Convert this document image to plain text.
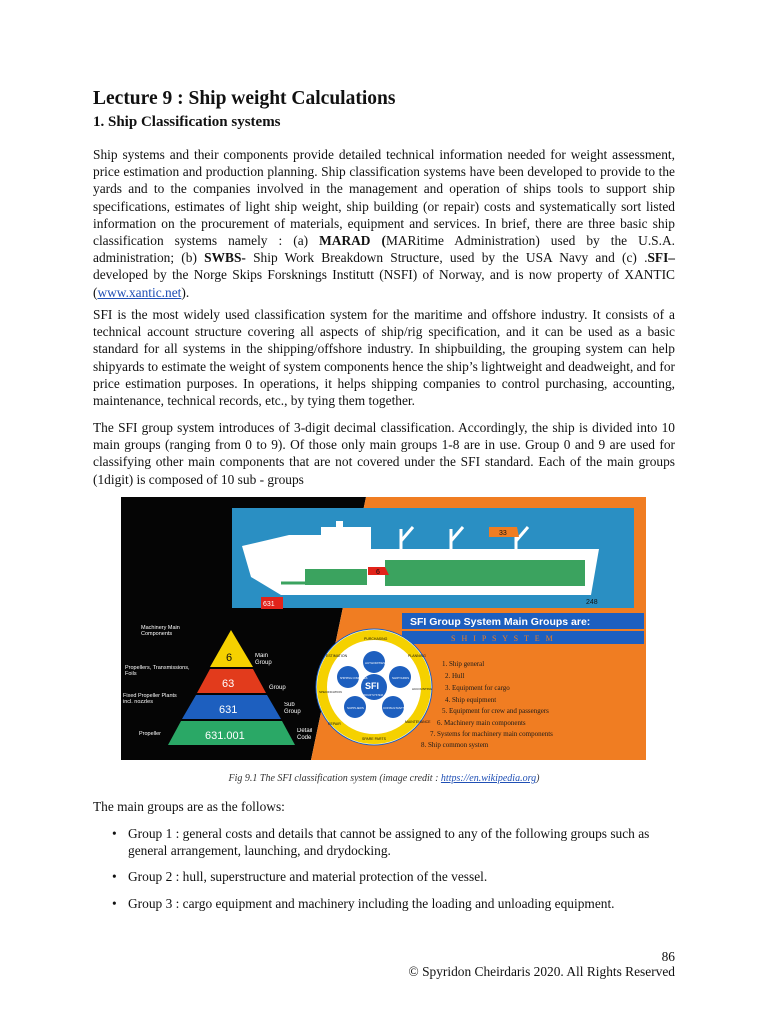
Lecture 9 : Ship weight Calculations
1. Ship Classification systems
Ship systems and their components provide detailed technical information needed for weight assessment, price estimation and production planning. Ship classification systems have been developed to provide to the yards and to the companies involved in the management and operation of ships tools to support ship specifications, estimates of light ship weight, ship building (or repair) costs and systematically sort listed information on the procurement of materials, equipment and services. In brief, there are three basic ship classification systems namely : (a) MARAD (MARitime Administration) used by the U.S.A. administration; (b) SWBS- Ship Work Breakdown Structure, used by the USA Navy and (c) .SFI– developed by the Norge Skips Forsknings Institutt (NSFI) of Norway, and is now property of XANTIC (www.xantic.net).
SFI is the most widely used classification system for the maritime and offshore industry. It consists of a technical account structure covering all aspects of ship/rig specification, and it can be used as a basic standard for all systems in the shipping/offshore industry. In shipbuilding, the grouping system can help shipyards to estimate the weight of system components hence the ship’s lightweight and deadweight, and for price estimation purposes. In operations, it helps shipping companies to control purchasing, accounting, maintenance, technical records, etc., by tying them together.
The SFI group system introduces of 3-digit decimal classification. Accordingly, the ship is divided into 10 main groups (ranging from 0 to 9). Of those only main groups 1-8 are in use. Group 0 and 9 are used for classifying other main components that are not covered under the SFI standard. Each of the main groups (1digit) is composed of 10 sub - groups
33
6
631	248
SFI Group System Main Groups are:
S H I P S Y S T E M
6
63
631
631.001
Machinery Main Components
Propellers, Transmissions, Foils
Fixed Propeller Plants incl. nozzles
Propeller
Main Group
Group
Sub Group
Detail Code
SFI
GROUP SYSTEM
AUTHORITIES
SHIPYARDS
CONSULTANTS
SUPPLIERS
SHIPPING COMPANIES
PURCHASING
PLANNING
MAINTENANCE
SPARE PARTS
REPAIR
SPECIFICATION
ESTIMATION
ACCOUNTING
1. Ship general
2. Hull
3. Equipment for cargo
4. Ship equipment
5. Equipment for crew and passengers
6. Machinery main components
7. Systems for machinery main components
8. Ship common system
Fig 9.1 The SFI classification system (image credit : https://en.wikipedia.org)
The main groups are as the follows:
• Group 1 : general costs and details that cannot be assigned to any of the following groups such as general arrangement, launching, and drydocking.
• Group 2 : hull, superstructure and material protection of the vessel.
• Group 3 : cargo equipment and machinery including the loading and unloading equipment.
86
© Spyridon Cheirdaris 2020. All Rights Reserved
